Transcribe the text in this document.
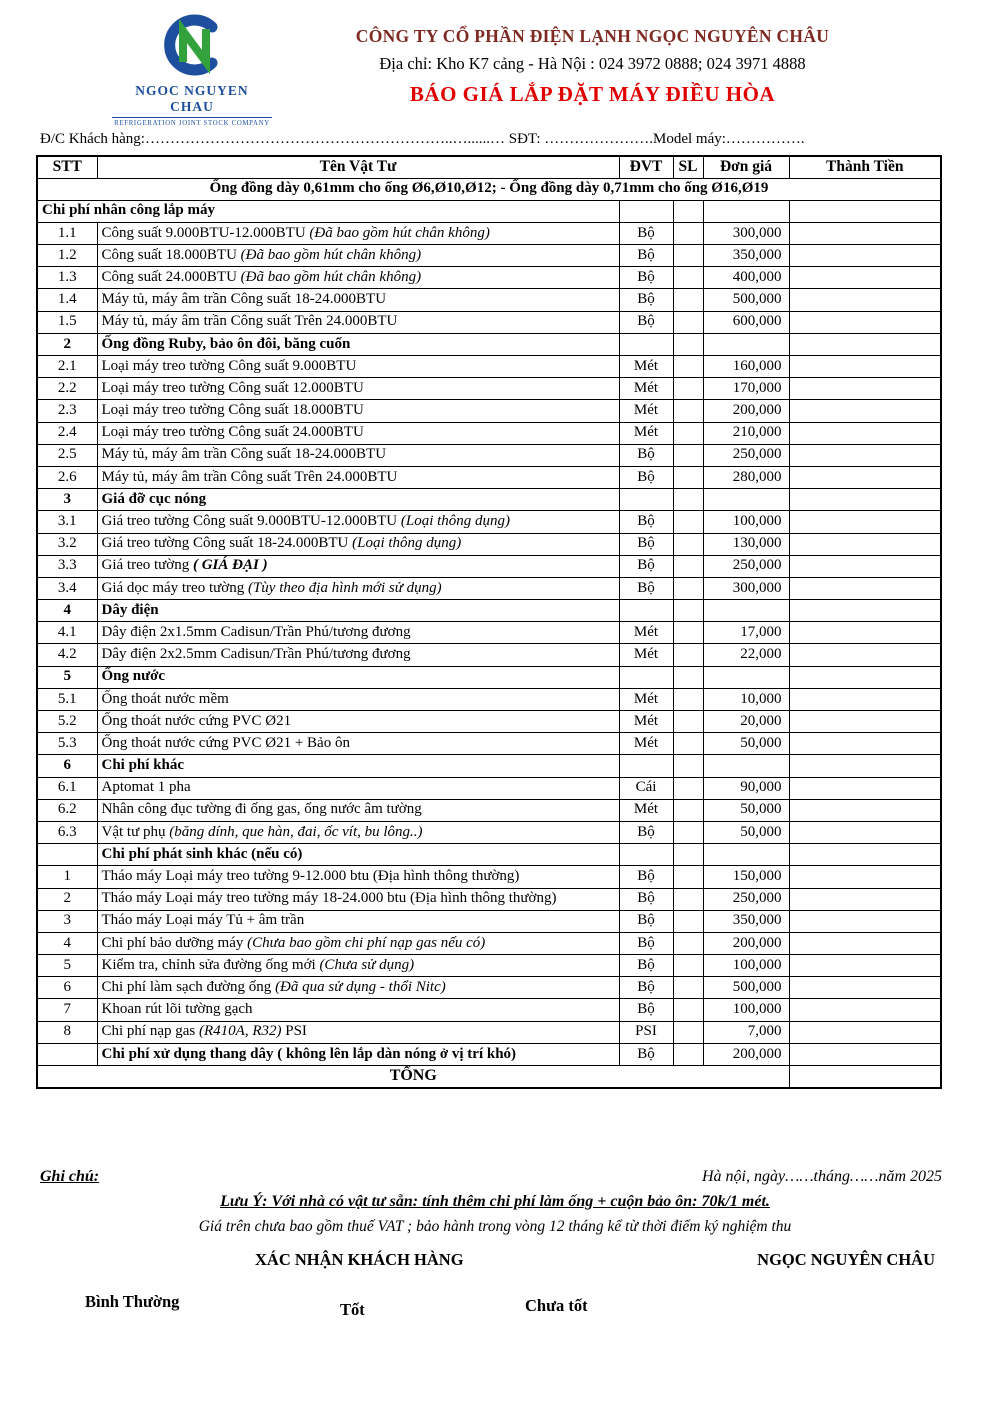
NGOC NGUYEN CHAU
REFRIGERATION JOINT STOCK COMPANY
CÔNG TY CỔ PHẦN ĐIỆN LẠNH NGỌC NGUYÊN CHÂU
Địa chỉ: Kho K7 cảng - Hà Nội : 024 3972 0888; 024 3971 4888
BÁO GIÁ LẮP ĐẶT MÁY ĐIỀU HÒA
Đ/C Khách hàng:……………………………………………………..…......… SĐT: ………………….Model máy:…………….
STT	Tên Vật Tư	ĐVT	SL	Đơn giá	Thành Tiền
Ống đồng dày 0,61mm cho ống Ø6,Ø10,Ø12; - Ống đồng dày 0,71mm cho ống Ø16,Ø19					
Chi phí nhân công lắp máy					
1.1	Công suất 9.000BTU-12.000BTU (Đã bao gồm hút chân không)	Bộ		300,000	
1.2	Công suất 18.000BTU (Đã bao gồm hút chân không)	Bộ		350,000	
1.3	Công suất 24.000BTU (Đã bao gồm hút chân không)	Bộ		400,000	
1.4	Máy tủ, máy âm trần Công suất 18-24.000BTU	Bộ		500,000	
1.5	Máy tủ, máy âm trần Công suất Trên 24.000BTU	Bộ		600,000	
2	Ống đồng Ruby, bảo ôn đôi, băng cuốn				
2.1	Loại máy treo tường Công suất 9.000BTU	Mét		160,000	
2.2	Loại máy treo tường Công suất 12.000BTU	Mét		170,000	
2.3	Loại máy treo tường Công suất 18.000BTU	Mét		200,000	
2.4	Loại máy treo tường Công suất 24.000BTU	Mét		210,000	
2.5	Máy tủ, máy âm trần Công suất 18-24.000BTU	Bộ		250,000	
2.6	Máy tủ, máy âm trần Công suất Trên 24.000BTU	Bộ		280,000	
3	Giá đỡ cục nóng				
3.1	Giá treo tường Công suất 9.000BTU-12.000BTU (Loại thông dụng)	Bộ		100,000	
3.2	Giá treo tường Công suất 18-24.000BTU (Loại thông dụng)	Bộ		130,000	
3.3	Giá treo tường ( GIÁ ĐẠI )	Bộ		250,000	
3.4	Giá dọc máy treo tường (Tùy theo địa hình mới sử dụng)	Bộ		300,000	
4	Dây điện				
4.1	Dây điện 2x1.5mm Cadisun/Trần Phú/tương đương	Mét		17,000	
4.2	Dây điện 2x2.5mm Cadisun/Trần Phú/tương đương	Mét		22,000	
5	Ống nước				
5.1	Ống thoát nước mềm	Mét		10,000	
5.2	Ống thoát nước cứng PVC Ø21	Mét		20,000	
5.3	Ống thoát nước cứng PVC Ø21 + Bảo ôn	Mét		50,000	
6	Chi phí khác				
6.1	Aptomat 1 pha	Cái		90,000	
6.2	Nhân công đục tường đi ống gas, ống nước âm tường	Mét		50,000	
6.3	Vật tư phụ (băng dính, que hàn, đai, ốc vít, bu lông..)	Bộ		50,000	
	Chi phí phát sinh khác (nếu có)				
1	Tháo máy Loại máy treo tường 9-12.000 btu (Địa hình thông thường)	Bộ		150,000	
2	Tháo máy Loại máy treo tường máy 18-24.000 btu (Địa hình thông thường)	Bộ		250,000	
3	Tháo máy Loại máy Tủ + âm trần	Bộ		350,000	
4	Chi phí bảo dưỡng máy (Chưa bao gồm chi phí nạp gas nếu có)	Bộ		200,000	
5	Kiểm tra, chỉnh sửa đường ống mới (Chưa sử dụng)	Bộ		100,000	
6	Chi phí làm sạch đường ống (Đã qua sử dụng - thổi Nitc)	Bộ		500,000	
7	Khoan rút lõi tường gạch	Bộ		100,000	
8	Chi phí nạp gas (R410A, R32) PSI	PSI		7,000	
	Chi phí xử dụng thang dây ( không lên lắp dàn nóng ở vị trí khó)	Bộ		200,000	
TỔNG					
Ghi chú:	Hà nội, ngày……tháng……năm 2025
Lưu Ý: Với nhà có vật tư sẵn: tính thêm chi phí làm ống + cuộn bảo ôn: 70k/1 mét.
Giá trên chưa bao gồm thuế VAT ; bảo hành trong vòng 12 tháng kể từ thời điểm ký nghiệm thu
XÁC NHẬN KHÁCH HÀNG	NGỌC NGUYÊN CHÂU
Bình Thường	Tốt	Chưa tốt
